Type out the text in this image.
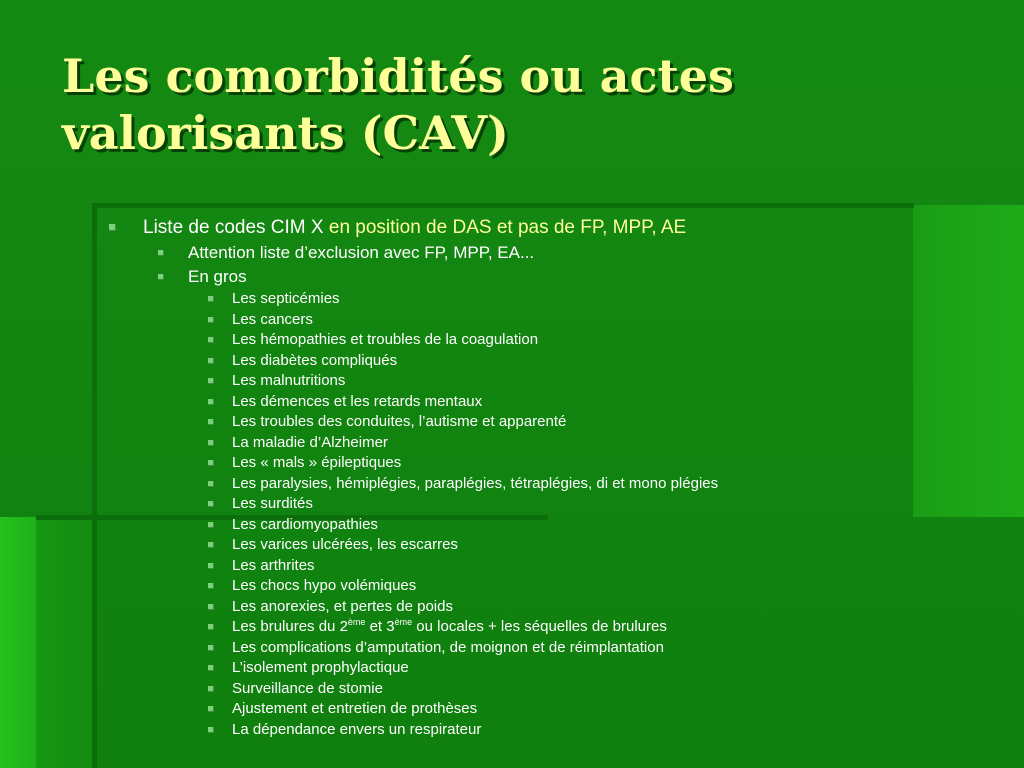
Les comorbidités ou actes
valorisants (CAV)
Liste de codes CIM X en position de DAS et pas de FP, MPP, AE
Attention liste d’exclusion avec FP, MPP, EA...
En gros
Les septicémies
Les cancers
Les hémopathies et troubles de la coagulation
Les diabètes compliqués
Les malnutritions
Les démences et les retards mentaux
Les troubles des conduites, l’autisme et apparenté
La maladie d’Alzheimer
Les « mals » épileptiques
Les paralysies, hémiplégies, paraplégies, tétraplégies, di et mono plégies
Les surdités
Les cardiomyopathies
Les varices ulcérées, les escarres
Les arthrites
Les chocs hypo volémiques
Les anorexies, et pertes de poids
Les brulures du 2ème et 3ème ou locales + les séquelles de brulures
Les complications d’amputation, de moignon et de réimplantation
L’isolement prophylactique
Surveillance de stomie
Ajustement et entretien de prothèses
La dépendance envers un respirateur
